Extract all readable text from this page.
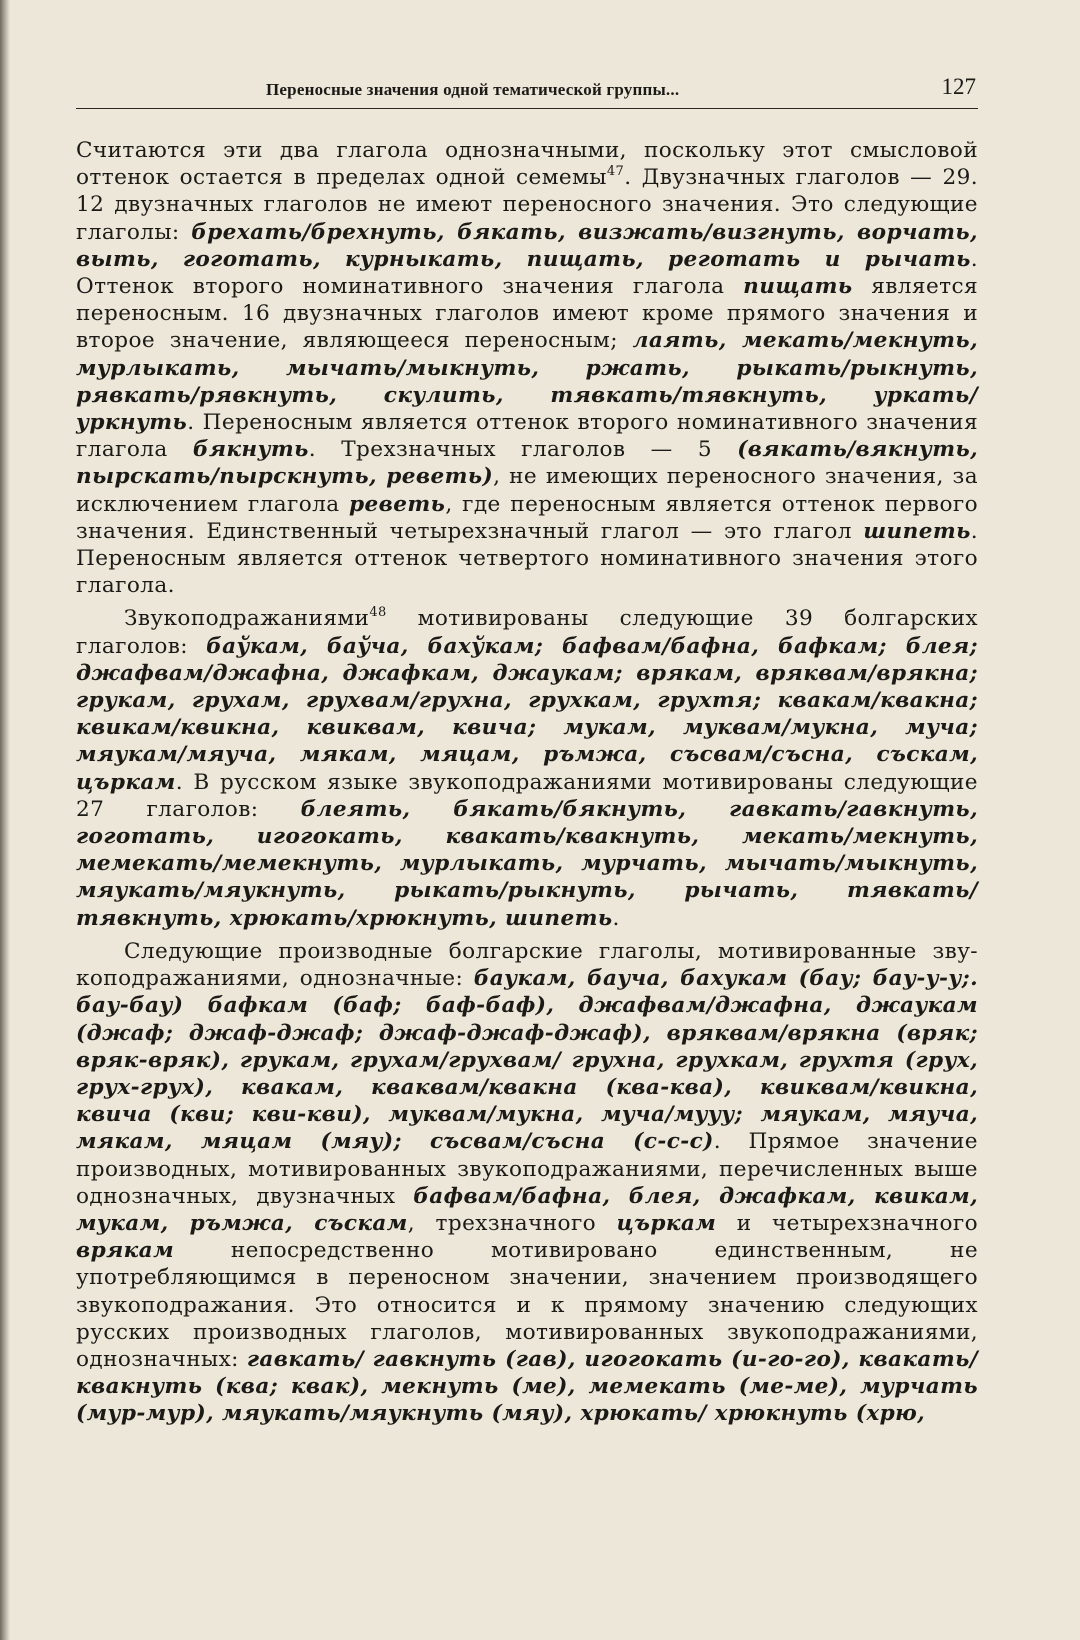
Переносные значения одной тематической группы...	127

Считаются эти два глагола однозначными, поскольку этот смысловой оттенок остается в пределах одной семемы$^{47}$. Двузначных глаголов — 29. 12 двузначных глаголов не имеют переносного значения. Это следующие глаголы: брехать/брехнуть, бякать, визжать/визгнуть, ворчать, выть, гоготать, курныкать, пищать, реготать и рычать. Оттенок второго номинативного значения глагола пищать является переносным. 16 двузначных глаголов имеют кроме прямого значения и второе значение, являющееся переносным; лаять, мекать/мекнуть, мурлыкать, мычать/мыкнуть, ржать, рыкать/рыкнуть, рявкать/рявкнуть, скулить, тявкать/тявкнуть, уркать/уркнуть. Переносным является оттенок второго номинативного значения глагола бякнуть. Трехзначных глаголов — 5 (вякать/вякнуть, пырскать/пырскнуть, реветь), не имеющих переносного значения, за исключением глагола реветь, где переносным является оттенок первого значения. Единственный четырехзначный глагол — это глагол шипеть. Переносным является оттенок четвертого номинативного значения этого глагола.

Звукоподражаниями$^{48}$ мотивированы следующие 39 болгарских глаголов: баўкам, баўча, бахўкам; бафвам/бафна, бафкам; блея; джафвам/джафна, джафкам, джаукам; врякам, вряквам/врякна; грукам, грухам, груxвам/грухна, грухкам, грухтя; квакам/квакна; квикам/квикна, квиквам, квича; мукам, муквам/мукна, муча; мяукам/мяуча, мякам, мяцам, ръмжа, съсвам/съсна, съскам, църкам. В русском языке звукоподражаниями мотивированы следующие 27 глаголов: блеять, бякать/бякнуть, гавкать/гавкнуть, гоготать, игогокать, квакать/квакнуть, мекать/мекнуть, мемекать/мемекнуть, мурлыкать, мурчать, мычать/мыкнуть, мяукать/мяукнуть, рыкать/рыкнуть, рычать, тявкать/тявкнуть, хрюкать/хрюкнуть, шипеть.

Следующие производные болгарские глаголы, мотивированные зву- коподражаниями, однозначные: баукам, бауча, бахукам (бау; бау-у-у;. бау-бау) бафкам (баф; баф-баф), джафвам/джафна, джаукам (джаф; джаф-джаф; джаф-джаф-джаф), вряквам/врякна (вряк; вряк-вряк), грукам, грухам/груxвам/ грухна, грухкам, грухтя (грух, грух-грух), квакам, кваквам/квакна (ква-ква), квиквам/квикна, квича (кви; кви-кви), муквам/мукна, муча/мууу; мяукам, мяуча, мякам, мяцам (мяу); съсвам/съсна (с-с-с). Прямое значение производных, мотивированных звукоподражаниями, перечисленных выше однозначных, двузначных бафвам/бафна, блея, джафкам, квикам, мукам, ръмжа, съскам, трехзначного църкам и четырехзначного врякам непосредственно мотивировано единственным, не употребляющимся в переносном значении, значением производящего звукоподражания. Это относится и к прямому значению следующих русских производных глаголов, мотивированных звукоподражаниями, однозначных: гавкать/ гавкнуть (гав), игогокать (и-го-го), квакать/квакнуть (ква; квак), мекнуть (ме), мемекать (ме-ме), мурчать (мур-мур), мяукать/мяукнуть (мяу), хрюкать/ хрюкнуть (хрю,
